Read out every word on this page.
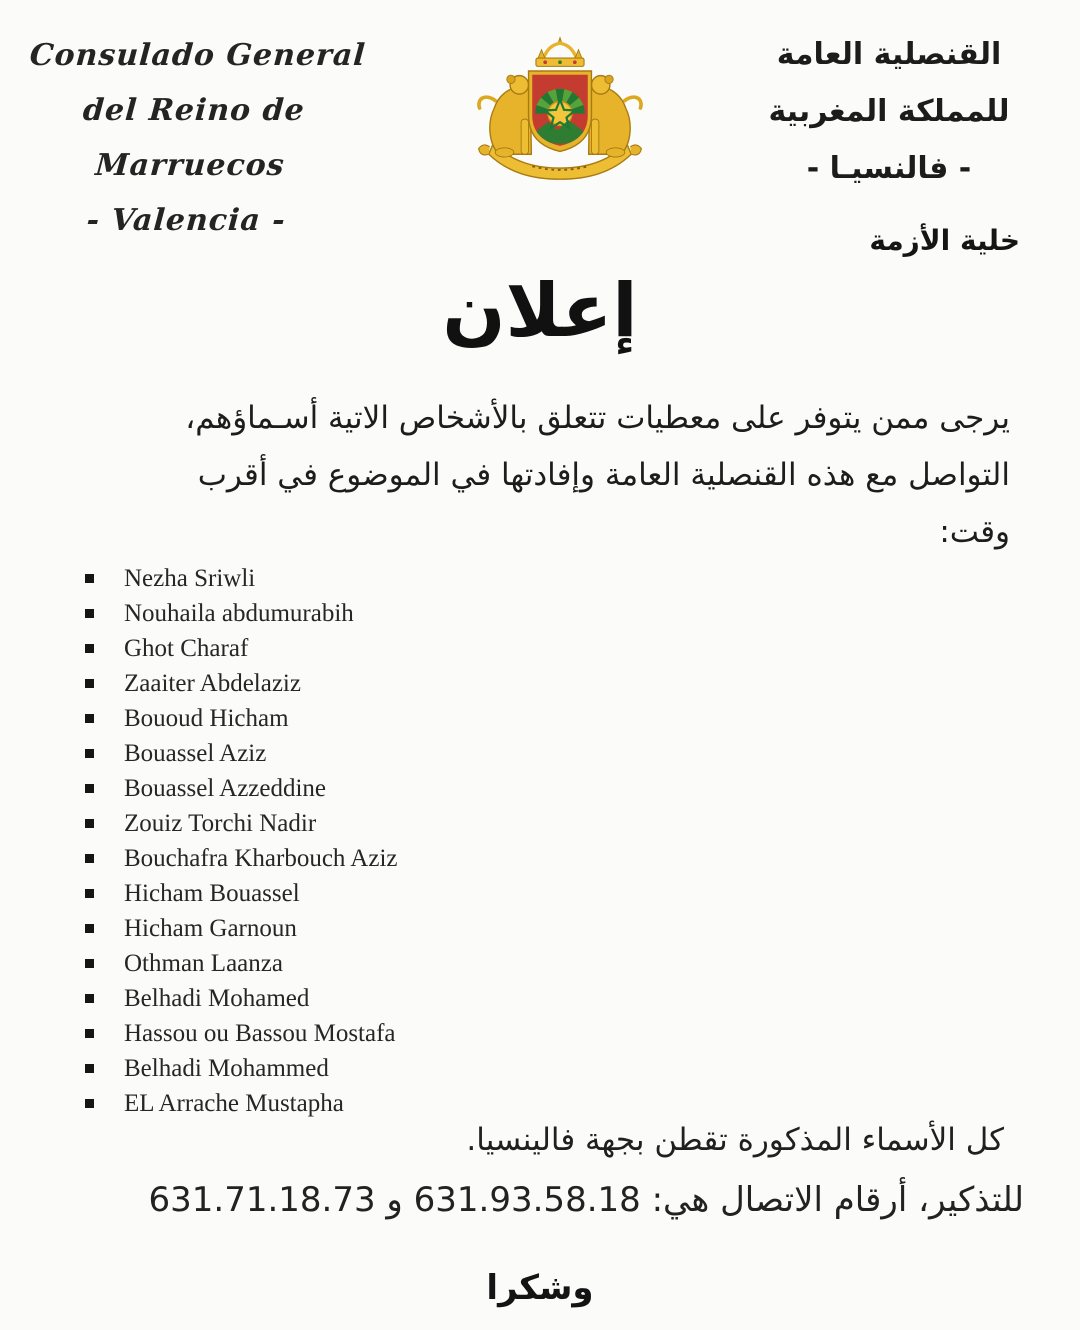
Consulado General
del Reino de Marruecos
- Valencia -
القنصلية العامة
للمملكة المغربية
- فالنسيـا -
خلية الأزمة
إعلان
يرجى ممن يتوفر على معطيات تتعلق بالأشخاص الاتية أسـماؤهم،
التواصل مع هذه القنصلية العامة وإفادتها في الموضوع في أقرب
وقت:
Nezha Sriwli
Nouhaila abdumurabih
Ghot Charaf
Zaaiter Abdelaziz
Bououd Hicham
Bouassel Aziz
Bouassel Azzeddine
Zouiz Torchi Nadir
Bouchafra Kharbouch Aziz
Hicham Bouassel
Hicham Garnoun
Othman Laanza
Belhadi Mohamed
Hassou ou Bassou Mostafa
Belhadi Mohammed
EL Arrache Mustapha
كل الأسماء المذكورة تقطن بجهة فالينسيا.
للتذكير، أرقام الاتصال هي: 631.93.58.18 و 631.71.18.73
وشكرا
